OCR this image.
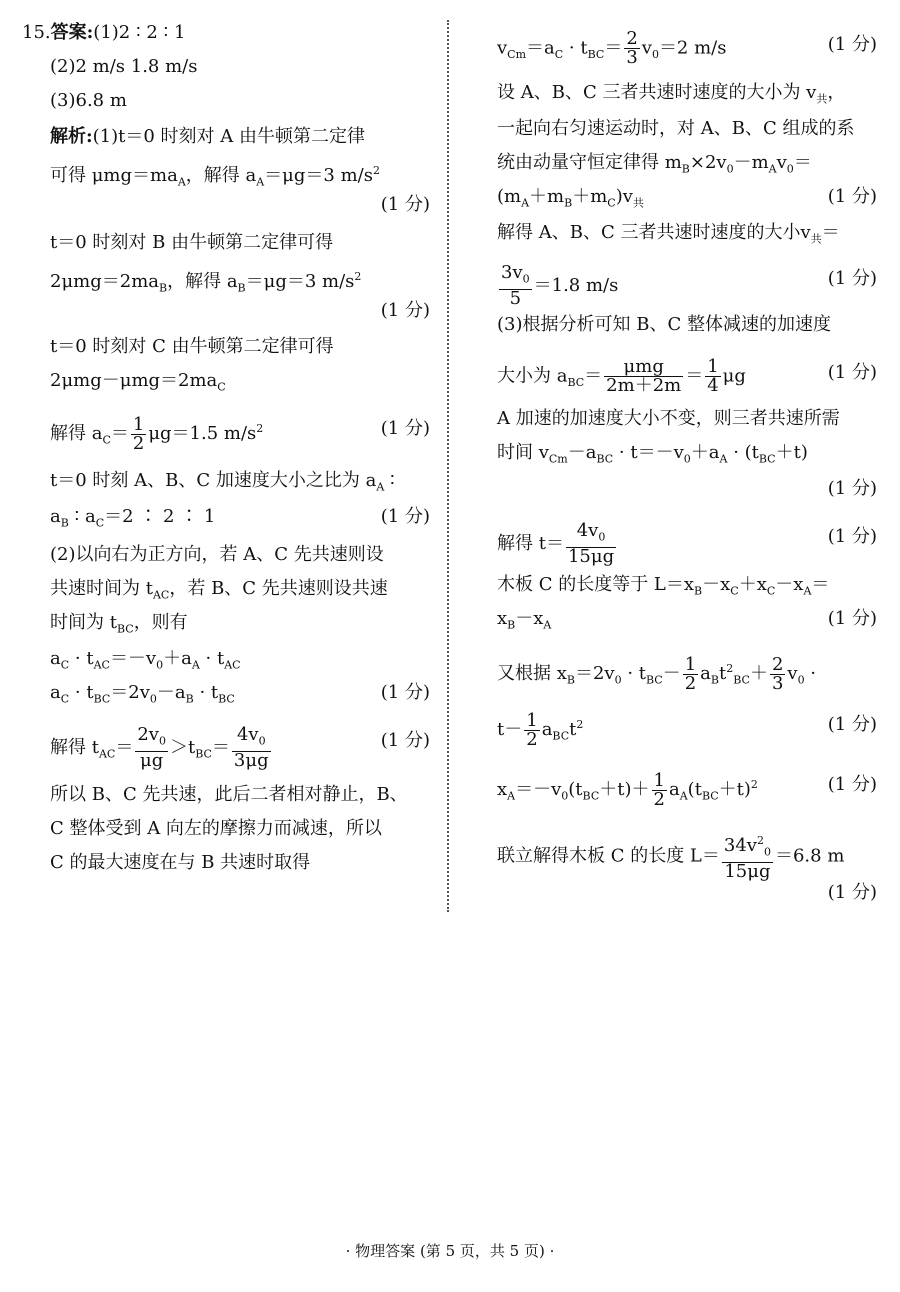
15.答案:(1)2 ∶ 2 ∶ 1
(2)2 m/s 1.8 m/s
(3)6.8 m
解析:(1)t＝0 时刻对 A 由牛顿第二定律
可得 $\mu mg=ma_A$，解得 $a_A=\mu g=3$ $m/s^2$
(1 分)
t＝0 时刻对 B 由牛顿第二定律可得
$2\mu mg=2ma_B$，解得 $a_B=\mu g=3$ $m/s^2$
(1 分)
t＝0 时刻对 C 由牛顿第二定律可得
$2\mu mg-\mu mg=2ma_C$
解得 $a_C= \frac{1}{2} \mu g=1.5$ $m/s^2$	(1 分)
t＝0 时刻 A、B、C 加速度大小之比为 $a_A$ ∶
$a_B$ ∶ $a_C=2$ ∶ 2 ∶ 1	(1 分)
(2)以向右为正方向，若 A、C 先共速则设
共速时间为 $t_{AC}$，若 B、C 先共速则设共速
时间为 $t_{BC}$，则有
$a_C \cdot t_{AC}=-v_0+a_A \cdot t_{AC}$
$a_C \cdot t_{BC}=2v_0-a_B \cdot t_{BC}$	(1 分)
解得 $t_{AC}= \frac{2v_0}{\mu g} >t_{BC}= \frac{4v_0}{3\mu g}$	(1 分)
所以 B、C 先共速，此后二者相对静止，B、
C 整体受到 A 向左的摩擦力而减速，所以
C 的最大速度在与 B 共速时取得
$v_{Cm}=a_C \cdot t_{BC}= \frac{2}{3} v_0=2$ m/s	(1 分)
设 A、B、C 三者共速时速度的大小为 $v_共$，
一起向右匀速运动时，对 A、B、C 组成的系
统由动量守恒定律得 $m_B\times 2v_0-m_Av_0=$
$(m_A+m_B+m_C)v_共$	(1 分)
解得 A、B、C 三者共速时速度的大小$v_共=$
$\frac{3v_0}{5} =1.8$ m/s	(1 分)
(3)根据分析可知 B、C 整体减速的加速度
大小为 $a_{BC}= \frac{\text{μmg}}{2m+2m} = \frac{1}{4}$ μg	(1 分)
A 加速的加速度大小不变，则三者共速所需
时间 $v_{Cm}-a_{BC} \cdot t=-v_0+a_A \cdot (t_{BC}+t)$
(1 分)
解得 $t= \frac{4v_0}{15\mu g}$	(1 分)
木板 C 的长度等于 $L=x_B-x_C+x_C-x_A=$
$x_B-x_A$	(1 分)
又根据 $x_B=2v_0 \cdot t_{BC}- \frac{1}{2} a_Bt^2_{BC}+ \frac{2}{3} v_0$ ·
$t- \frac{1}{2} a_{BC}t^2$	(1 分)
$x_A=-v_0(t_{BC}+t)+ \frac{1}{2} a_A(t_{BC}+t)^2$	(1 分)
联立解得木板 C 的长度 $L= \frac{34v^2_0}{15\mu g} =6.8$ m
(1 分)
· 物理答案 (第 5 页，共 5 页) ·
